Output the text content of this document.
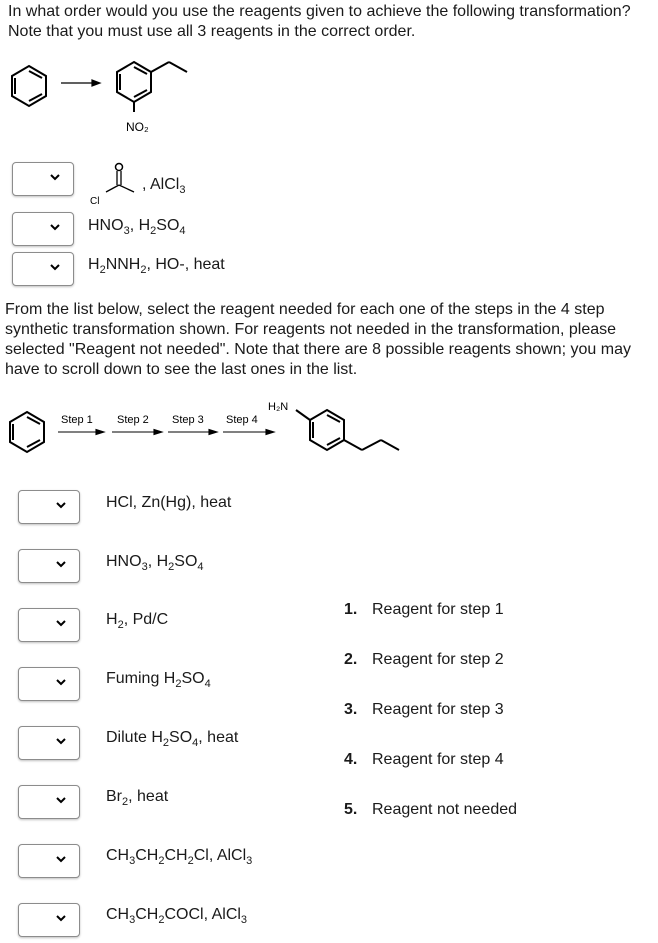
In what order would you use the reagents given to achieve the following transformation? Note that you must use all 3 reagents in the correct order.
NO₂
Cl
, AlCl$_3$
$HNO_3$, $H_2SO_4$
$H_2NNH_2$, HO-, heat
From the list below, select the reagent needed for each one of the steps in the 4 step synthetic transformation shown. For reagents not needed in the transformation, please selected "Reagent not needed". Note that there are 8 possible reagents shown; you may have to scroll down to see the last ones in the list.
Step 1 Step 2 Step 3 Step 4
H₂N
HCl, Zn(Hg), heat
$HNO_3$, $H_2SO_4$
$H_2$, Pd/C
Fuming $H_2SO_4$
Dilute $H_2SO_4$, heat
$Br_2$, heat
$CH_3CH_2CH_2Cl$, AlCl$_3$
$CH_3CH_2COCl$, AlCl$_3$
1. Reagent for step 1
2. Reagent for step 2
3. Reagent for step 3
4. Reagent for step 4
5. Reagent not needed
